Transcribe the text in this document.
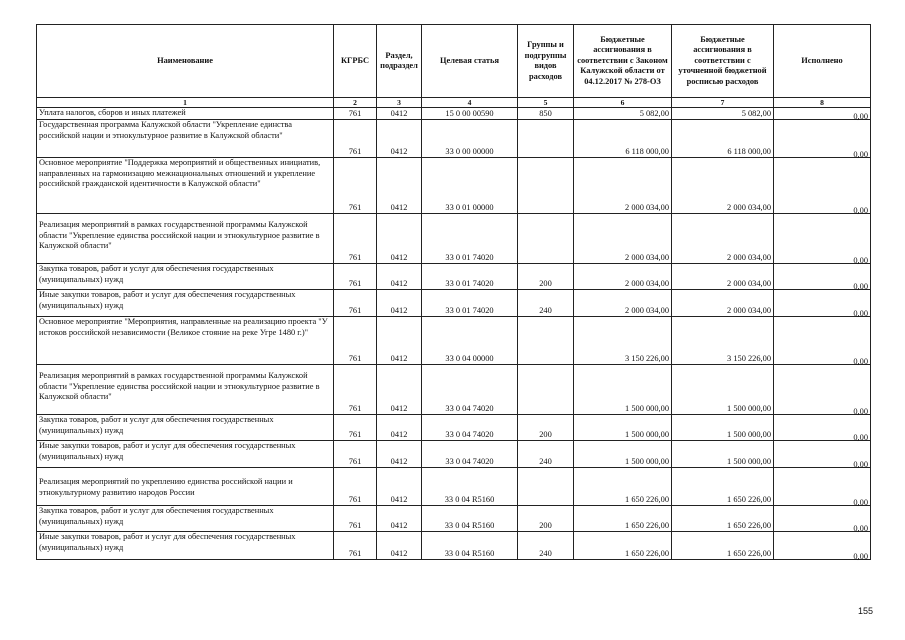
Наименование	КГРБС	Раздел, подраздел	Целевая статья	Группы и подгруппы видов расходов	Бюджетные ассигнования в соответствии с Законом Калужской области от 04.12.2017 № 278-ОЗ	Бюджетные ассигнования в соответствии с уточненной бюджетной росписью расходов	Исполнено
1	2	3	4	5	6	7	8
Уплата налогов, сборов и иных платежей	761	0412	15 0 00 00590	850	5 082,00	5 082,00	0,00
Государственная программа Калужской области "Укрепление единства российской нации и этнокультурное развитие в Калужской области"	761	0412	33 0 00 00000		6 118 000,00	6 118 000,00	0,00
Основное мероприятие "Поддержка мероприятий и общественных инициатив, направленных на гармонизацию межнациональных отношений и укрепление российской гражданской идентичности в Калужской области"	761	0412	33 0 01 00000		2 000 034,00	2 000 034,00	0,00
Реализация мероприятий в рамках государственной программы Калужской области "Укрепление единства российской нации и этнокультурное развитие в Калужской области"	761	0412	33 0 01 74020		2 000 034,00	2 000 034,00	0,00
Закупка товаров, работ и услуг для обеспечения государственных (муниципальных) нужд	761	0412	33 0 01 74020	200	2 000 034,00	2 000 034,00	0,00
Иные закупки товаров, работ и услуг для обеспечения государственных (муниципальных) нужд	761	0412	33 0 01 74020	240	2 000 034,00	2 000 034,00	0,00
Основное мероприятие "Мероприятия, направленные на реализацию проекта "У истоков российской независимости (Великое стояние на реке Угре 1480 г.)"	761	0412	33 0 04 00000		3 150 226,00	3 150 226,00	0,00
Реализация мероприятий в рамках государственной программы Калужской области "Укрепление единства российской нации и этнокультурное развитие в Калужской области"	761	0412	33 0 04 74020		1 500 000,00	1 500 000,00	0,00
Закупка товаров, работ и услуг для обеспечения государственных (муниципальных) нужд	761	0412	33 0 04 74020	200	1 500 000,00	1 500 000,00	0,00
Иные закупки товаров, работ и услуг для обеспечения государственных (муниципальных) нужд	761	0412	33 0 04 74020	240	1 500 000,00	1 500 000,00	0,00
Реализация мероприятий по укреплению единства российской нации и этнокультурному развитию народов России	761	0412	33 0 04 R5160		1 650 226,00	1 650 226,00	0,00
Закупка товаров, работ и услуг для обеспечения государственных (муниципальных) нужд	761	0412	33 0 04 R5160	200	1 650 226,00	1 650 226,00	0,00
Иные закупки товаров, работ и услуг для обеспечения государственных (муниципальных) нужд	761	0412	33 0 04 R5160	240	1 650 226,00	1 650 226,00	0,00
155
